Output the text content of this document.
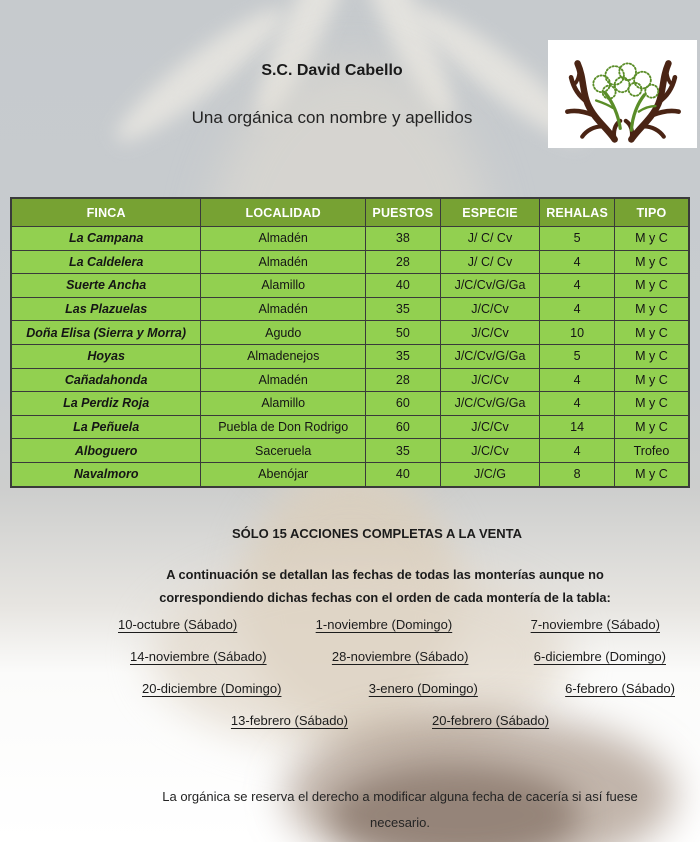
S.C. David Cabello
Una orgánica con nombre y apellidos
FINCA	LOCALIDAD	PUESTOS	ESPECIE	REHALAS	TIPO
La Campana	Almadén	38	J/ C/ Cv	5	M y C
La Caldelera	Almadén	28	J/ C/ Cv	4	M y C
Suerte Ancha	Alamillo	40	J/C/Cv/G/Ga	4	M y C
Las Plazuelas	Almadén	35	J/C/Cv	4	M y C
Doña Elisa (Sierra y Morra)	Agudo	50	J/C/Cv	10	M y C
Hoyas	Almadenejos	35	J/C/Cv/G/Ga	5	M y C
Cañadahonda	Almadén	28	J/C/Cv	4	M y C
La Perdiz Roja	Alamillo	60	J/C/Cv/G/Ga	4	M y C
La Peñuela	Puebla de Don Rodrigo	60	J/C/Cv	14	M y C
Alboguero	Saceruela	35	J/C/Cv	4	Trofeo
Navalmoro	Abenójar	40	J/C/G	8	M y C
SÓLO 15 ACCIONES COMPLETAS A LA VENTA
A continuación se detallan las fechas de todas las monterías aunque no
correspondiendo dichas fechas con el orden de cada montería de la tabla:
10-octubre (Sábado)	1-noviembre (Domingo)	7-noviembre (Sábado)
14-noviembre (Sábado)	28-noviembre (Sábado)	6-diciembre (Domingo)
20-diciembre (Domingo)	3-enero (Domingo)	6-febrero (Sábado)
13-febrero (Sábado)	20-febrero (Sábado)
La orgánica se reserva el derecho a modificar alguna fecha de cacería si así fuese
necesario.
